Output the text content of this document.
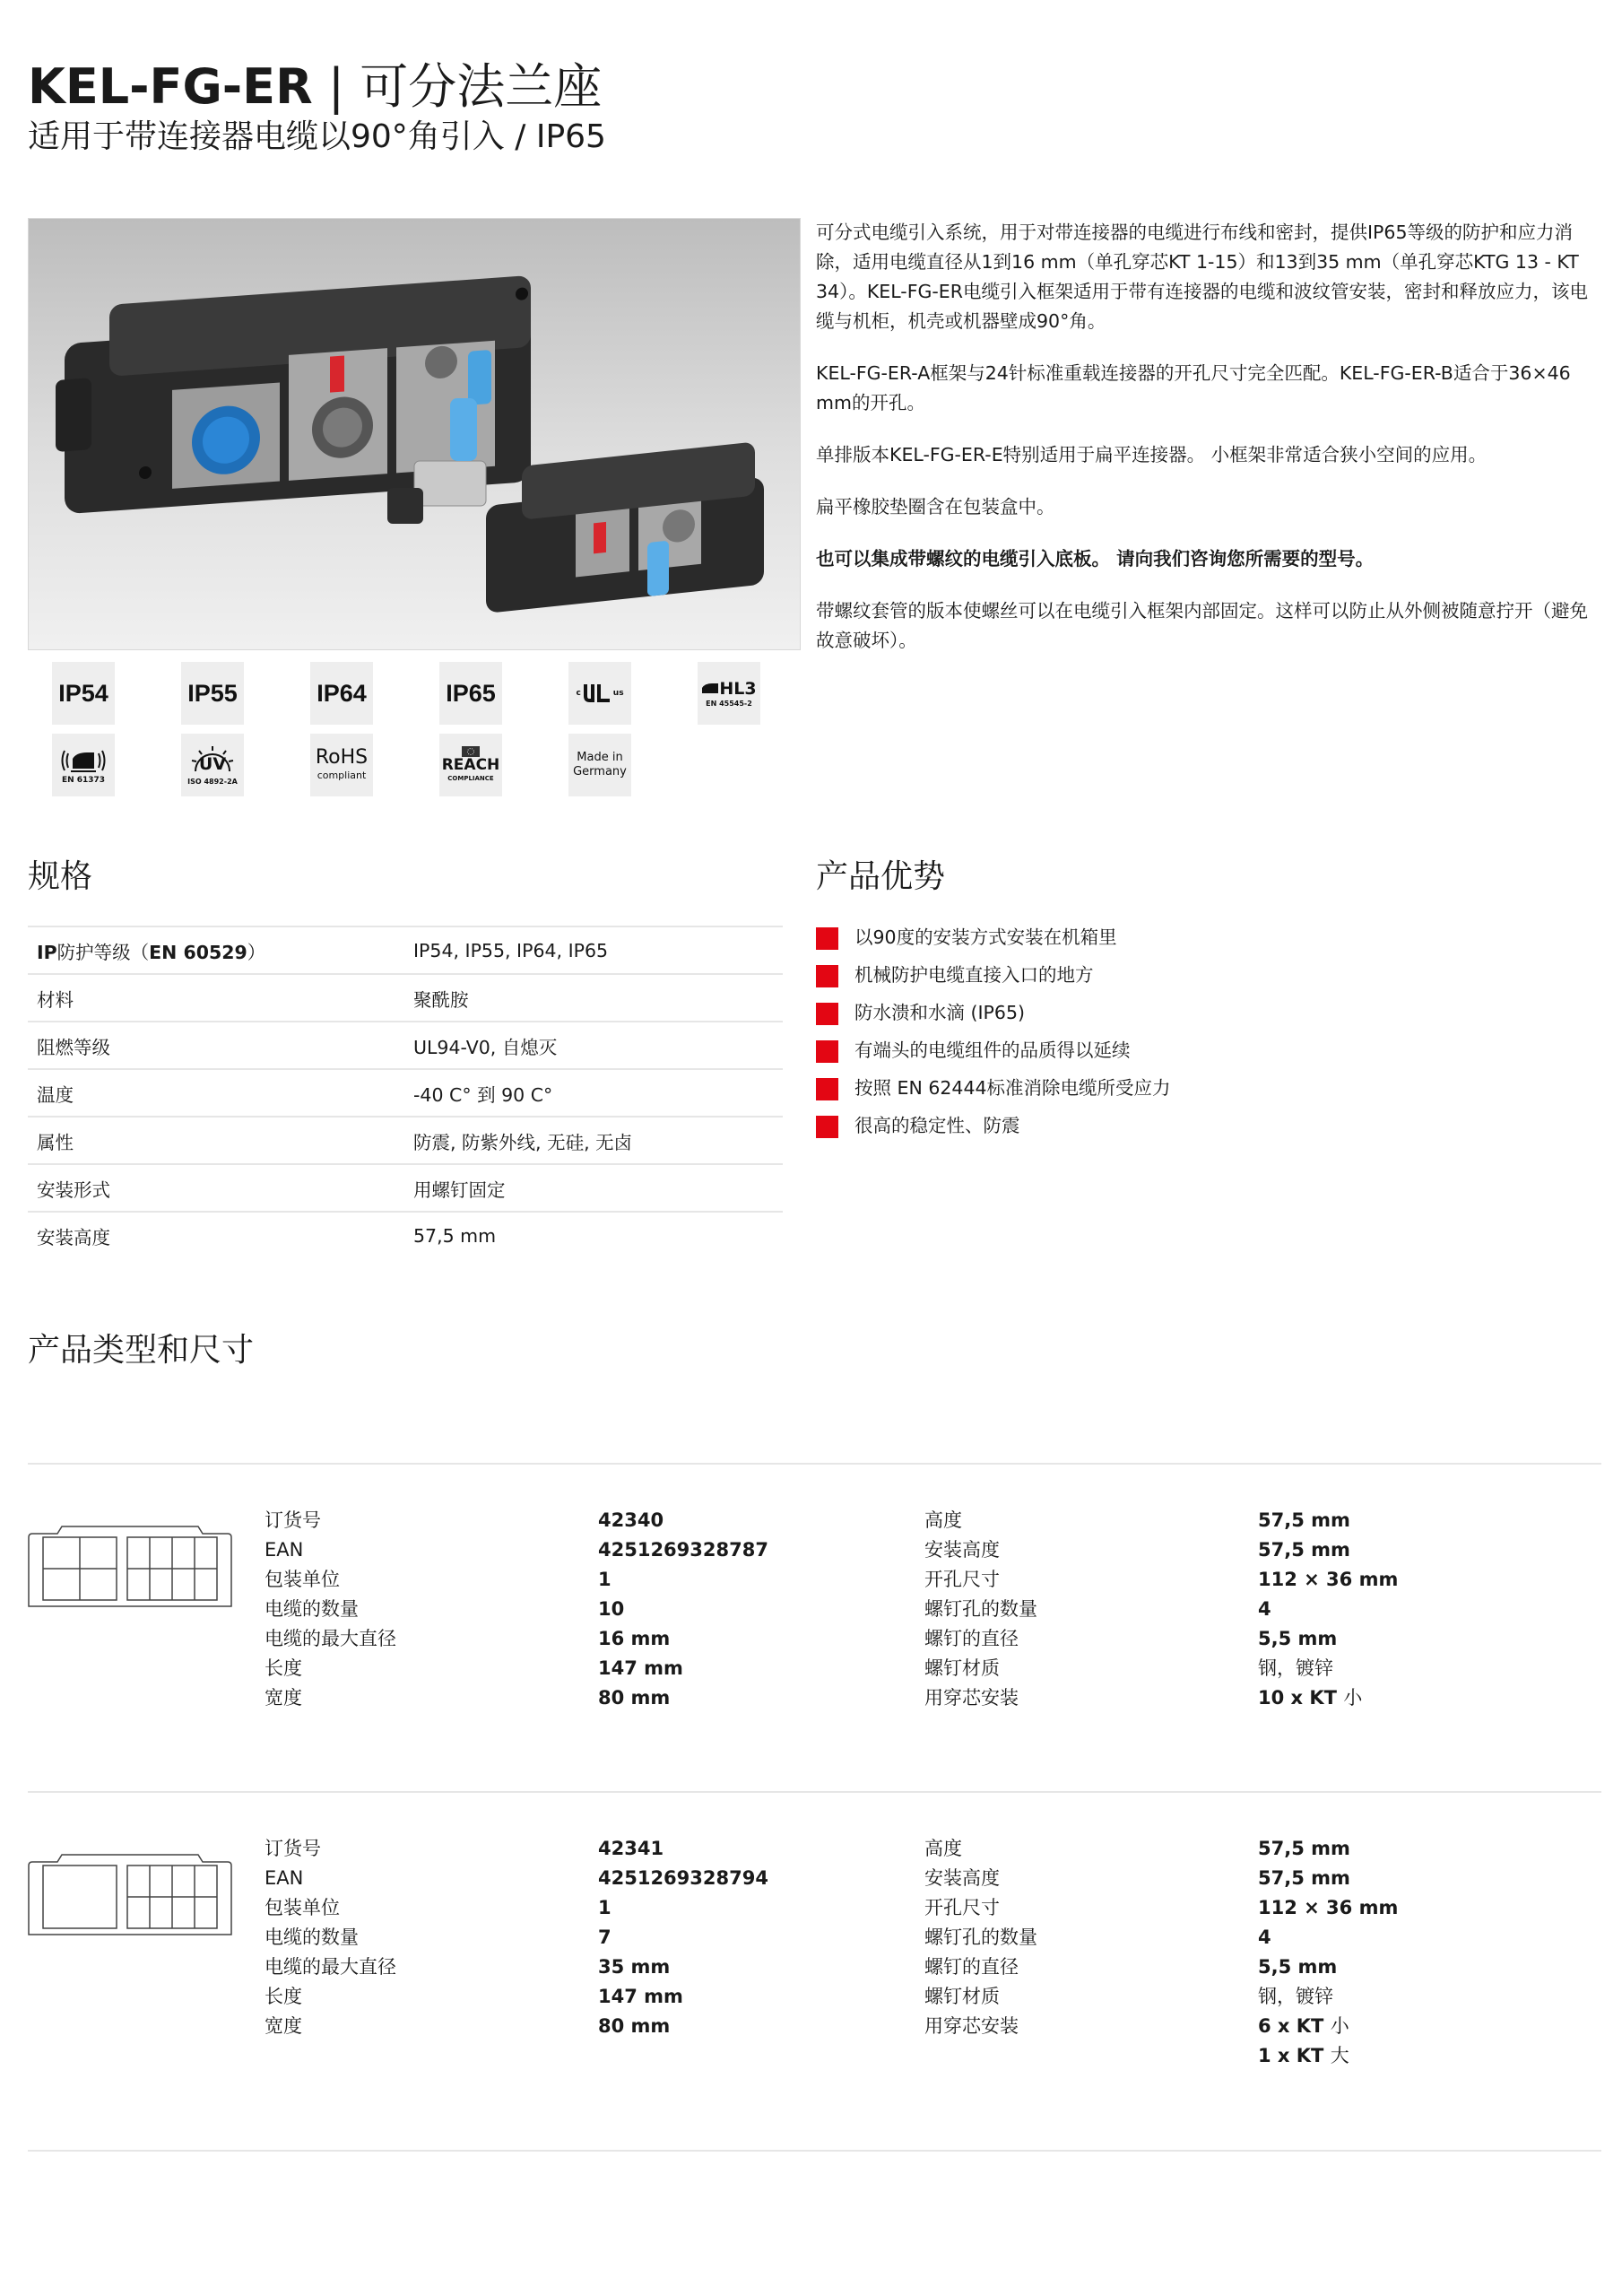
KEL-FG-ER | 可分法兰座
适用于带连接器电缆以90°角引入 / IP65
IP54	IP55	IP64	IP65	c	us	HL3
EN 45545-2
EN 61373
UV
ISO 4892-2A
RoHS
compliant
REACH
COMPLIANCE
Made in
Germany

可分式电缆引入系统，用于对带连接器的电缆进行布线和密封，提供IP65等级的防护和应力消除，适用电缆直径从1到16 mm（单孔穿芯KT 1-15）和13到35 mm（单孔穿芯KTG 13 - KT 34）。KEL-FG-ER电缆引入框架适用于带有连接器的电缆和波纹管安装，密封和释放应力，该电缆与机柜，机壳或机器壁成90°角。

KEL-FG-ER-A框架与24针标准重载连接器的开孔尺寸完全匹配。KEL-FG-ER-B适合于36×46 mm的开孔。

单排版本KEL-FG-ER-E特别适用于扁平连接器。 小框架非常适合狭小空间的应用。

扁平橡胶垫圈含在包装盒中。

也可以集成带螺纹的电缆引入底板。 请向我们咨询您所需要的型号。

带螺纹套管的版本使螺丝可以在电缆引入框架内部固定。这样可以防止从外侧被随意拧开（避免故意破坏）。

规格
IP防护等级（EN 60529）	IP54, IP55, IP64, IP65
材料	聚酰胺
阻燃等级	UL94-V0, 自熄灭
温度	-40 C° 到 90 C°
属性	防震, 防紫外线, 无硅, 无卤
安装形式	用螺钉固定
安装高度	57,5 mm
产品优势
以90度的安装方式安装在机箱里
机械防护电缆直接入口的地方
防水溃和水滴 (IP65)
有端头的电缆组件的品质得以延续
按照 EN 62444标准消除电缆所受应力
很高的稳定性、防震
产品类型和尺寸
订货号	42340
EAN	4251269328787
包装单位	1
电缆的数量	10
电缆的最大直径	16 mm
长度	147 mm
宽度	80 mm
高度	57,5 mm
安装高度	57,5 mm
开孔尺寸	112 × 36 mm
螺钉孔的数量	4
螺钉的直径	5,5 mm
螺钉材质	钢，镀锌
用穿芯安装	10 x KT 小
订货号	42341
EAN	4251269328794
包装单位	1
电缆的数量	7
电缆的最大直径	35 mm
长度	147 mm
宽度	80 mm
高度	57,5 mm
安装高度	57,5 mm
开孔尺寸	112 × 36 mm
螺钉孔的数量	4
螺钉的直径	5,5 mm
螺钉材质	钢，镀锌
用穿芯安装	6 x KT 小
1 x KT 大
